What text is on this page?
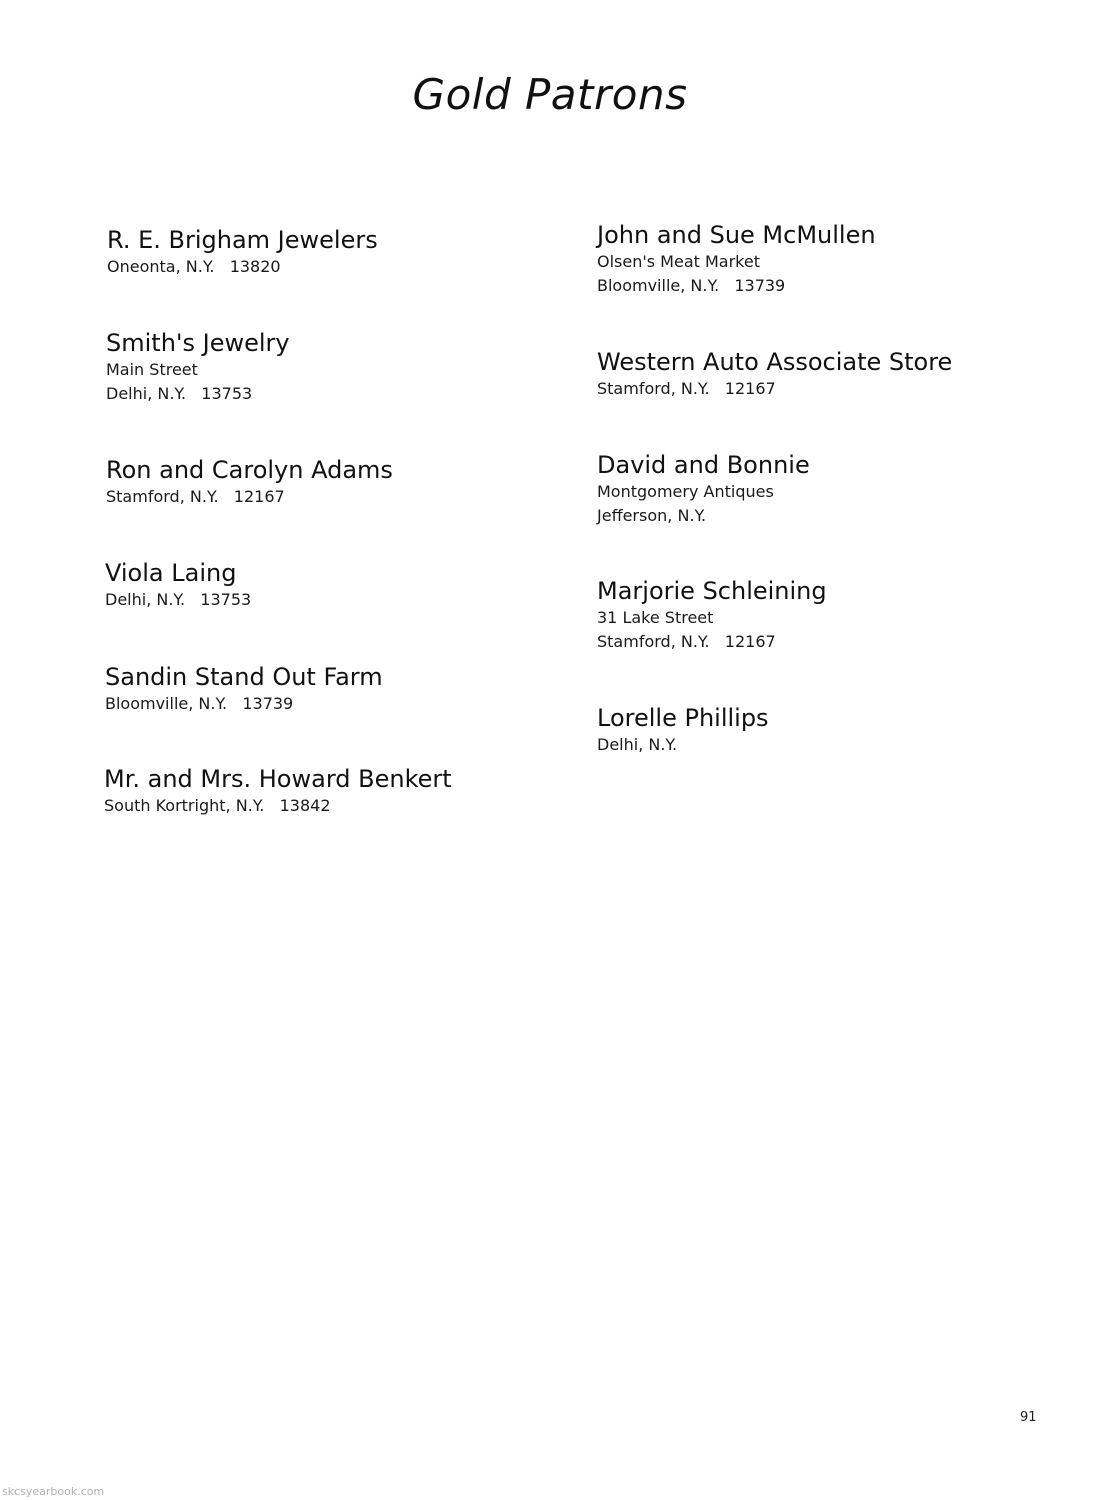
Gold Patrons
R. E. Brigham Jewelers
Oneonta, N.Y.   13820
Smith's Jewelry
Main Street
Delhi, N.Y.   13753
Ron and Carolyn Adams
Stamford, N.Y.   12167
Viola Laing
Delhi, N.Y.   13753
Sandin Stand Out Farm
Bloomville, N.Y.   13739
Mr. and Mrs. Howard Benkert
South Kortright, N.Y.   13842
John and Sue McMullen
Olsen's Meat Market
Bloomville, N.Y.   13739
Western Auto Associate Store
Stamford, N.Y.   12167
David and Bonnie
Montgomery Antiques
Jefferson, N.Y.
Marjorie Schleining
31 Lake Street
Stamford, N.Y.   12167
Lorelle Phillips
Delhi, N.Y.
91
skcsyearbook.com
